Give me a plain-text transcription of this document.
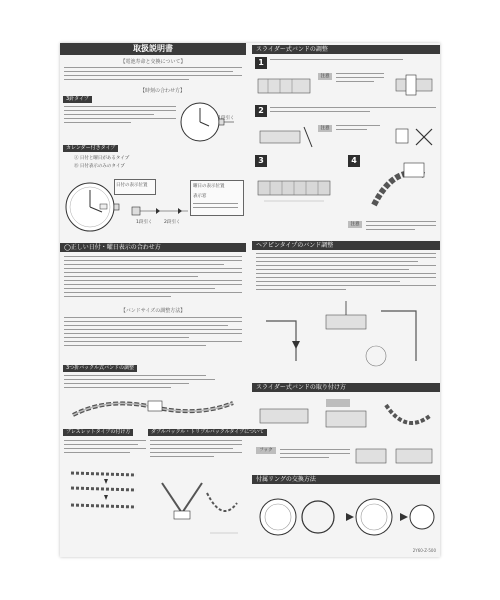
取扱説明書
【電池寿命と交換について】
【時刻の合わせ方】
3針タイプ
1段引く
カレンダー付きタイプ
Ⓐ 日付と曜日があるタイプ
Ⓑ 日付表示のみのタイプ
日付の表示位置
1段引く	2段引く
曜日の表示位置
表示窓
◯正しい日付・曜日表示の合わせ方
【バンドサイズの調整方法】
3つ折バックル式バンドの調整
ブレスレットタイプの付け方	ダブルバックル・トリプルバックルタイプについて
スライダー式バンドの調整
1
注意
2
注意
3	4
注意
ヘアピンタイプのバンド調整
スライダー式バンドの取り付け方
フック
付属リングの交換方法
2Y60-Z-500
